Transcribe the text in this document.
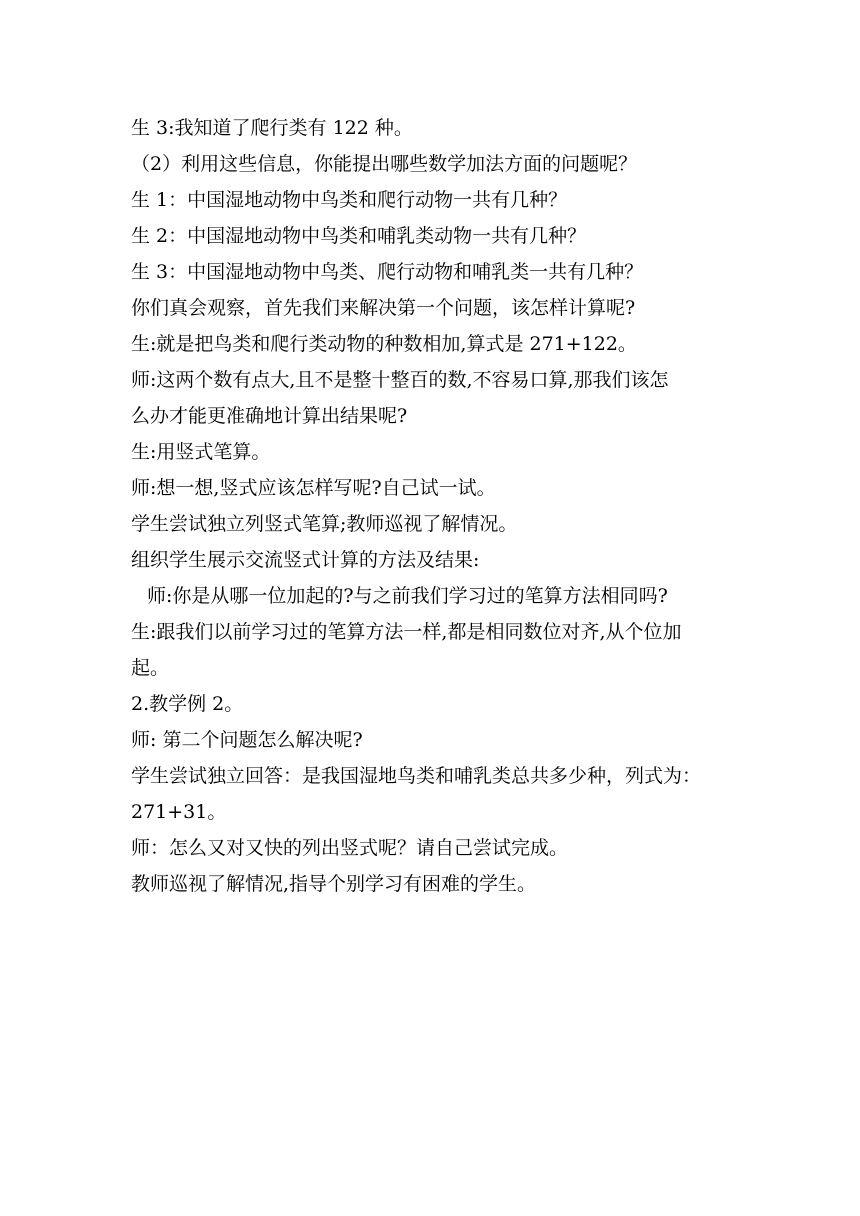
生 3:我知道了爬行类有 122 种。
（2）利用这些信息，你能提出哪些数学加法方面的问题呢？
生 1：中国湿地动物中鸟类和爬行动物一共有几种？
生 2：中国湿地动物中鸟类和哺乳类动物一共有几种？
生 3：中国湿地动物中鸟类、爬行动物和哺乳类一共有几种？
你们真会观察，首先我们来解决第一个问题，该怎样计算呢?
生:就是把鸟类和爬行类动物的种数相加,算式是 271+122。
师:这两个数有点大,且不是整十整百的数,不容易口算,那我们该怎
么办才能更准确地计算出结果呢?
生:用竖式笔算。
师:想一想,竖式应该怎样写呢?自己试一试。
学生尝试独立列竖式笔算;教师巡视了解情况。
组织学生展示交流竖式计算的方法及结果:
师:你是从哪一位加起的?与之前我们学习过的笔算方法相同吗?
生:跟我们以前学习过的笔算方法一样,都是相同数位对齐,从个位加
起。
2.教学例 2。
师: 第二个问题怎么解决呢?
学生尝试独立回答：是我国湿地鸟类和哺乳类总共多少种，列式为：
271+31。
师：怎么又对又快的列出竖式呢？请自己尝试完成。
教师巡视了解情况,指导个别学习有困难的学生。
